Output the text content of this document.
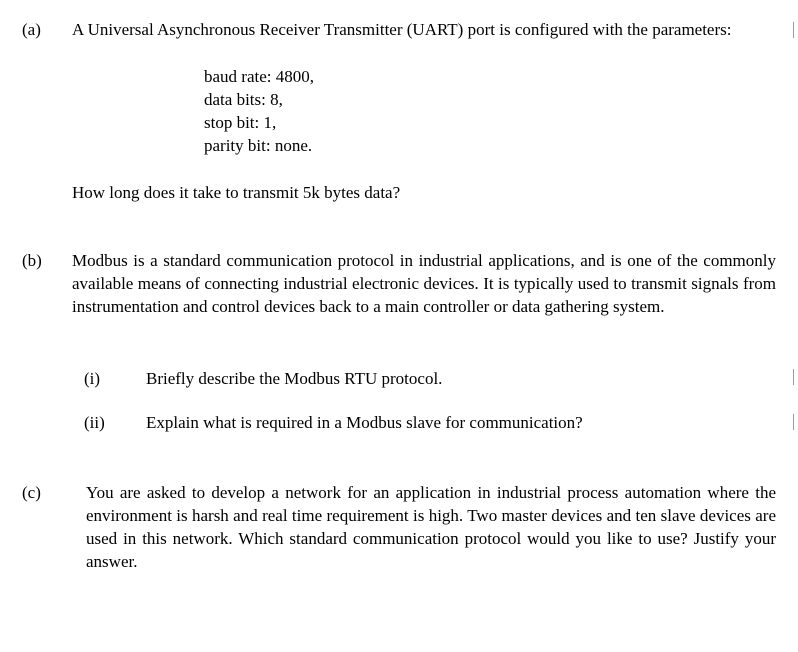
(a) A Universal Asynchronous Receiver Transmitter (UART) port is configured with the parameters:
baud rate: 4800,
data bits: 8,
stop bit: 1,
parity bit: none.
How long does it take to transmit 5k bytes data?
(b) Modbus is a standard communication protocol in industrial applications, and is one of the commonly available means of connecting industrial electronic devices. It is typically used to transmit signals from instrumentation and control devices back to a main controller or data gathering system.
(i)	Briefly describe the Modbus RTU protocol.
(ii) Explain what is required in a Modbus slave for communication?
(c)	You are asked to develop a network for an application in industrial process automation where the environment is harsh and real time requirement is high. Two master devices and ten slave devices are used in this network. Which standard communication protocol would you like to use? Justify your answer.
